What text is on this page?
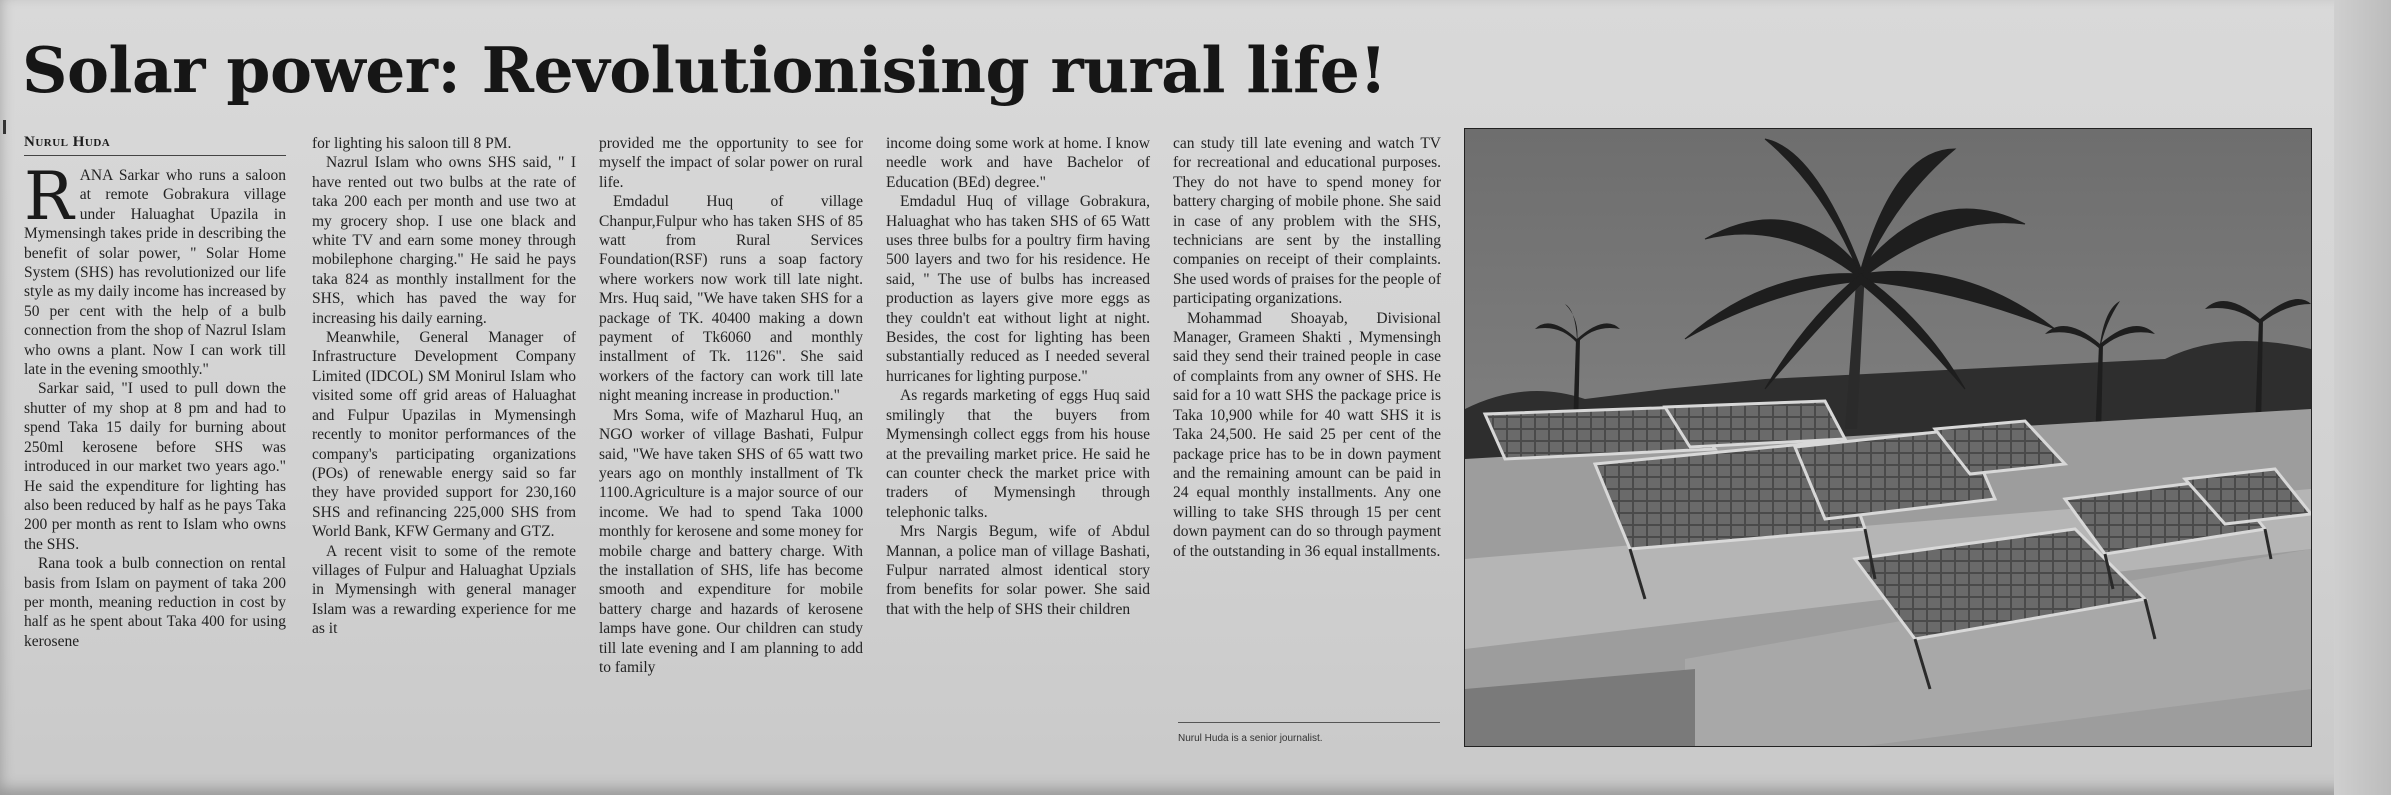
Solar power: Revolutionising rural life!
Nurul Huda

RANA Sarkar who runs a saloon at remote Gobrakura village under Haluaghat Upazila in Mymensingh takes pride in describing the benefit of solar power, " Solar Home System (SHS) has revolutionized our life style as my daily income has increased by 50 per cent with the help of a bulb connection from the shop of Nazrul Islam who owns a plant. Now I can work till late in the evening smoothly."

Sarkar said, "I used to pull down the shutter of my shop at 8 pm and had to spend Taka 15 daily for burning about 250ml kerosene before SHS was introduced in our market two years ago." He said the expenditure for lighting has also been reduced by half as he pays Taka 200 per month as rent to Islam who owns the SHS.

Rana took a bulb connection on rental basis from Islam on payment of taka 200 per month, meaning reduction in cost by half as he spent about Taka 400 for using kerosene

for lighting his saloon till 8 PM.

Nazrul Islam who owns SHS said, " I have rented out two bulbs at the rate of taka 200 each per month and use two at my grocery shop. I use one black and white TV and earn some money through mobilephone charging." He said he pays taka 824 as monthly installment for the SHS, which has paved the way for increasing his daily earning.

Meanwhile, General Manager of Infrastructure Development Company Limited (IDCOL) SM Monirul Islam who visited some off grid areas of Haluaghat and Fulpur Upazilas in Mymensingh recently to monitor performances of the company's participating organizations (POs) of renewable energy said so far they have provided support for 230,160 SHS and refinancing 225,000 SHS from World Bank, KFW Germany and GTZ.

A recent visit to some of the remote villages of Fulpur and Haluaghat Upzials in Mymensingh with general manager Islam was a rewarding experience for me as it

provided me the opportunity to see for myself the impact of solar power on rural life.

Emdadul Huq of village Chanpur,Fulpur who has taken SHS of 85 watt from Rural Services Foundation(RSF) runs a soap factory where workers now work till late night. Mrs. Huq said, "We have taken SHS for a package of TK. 40400 making a down payment of Tk6060 and monthly installment of Tk. 1126". She said workers of the factory can work till late night meaning increase in production."

Mrs Soma, wife of Mazharul Huq, an NGO worker of village Bashati, Fulpur said, "We have taken SHS of 65 watt two years ago on monthly installment of Tk 1100.Agriculture is a major source of our income. We had to spend Taka 1000 monthly for kerosene and some money for mobile charge and battery charge. With the installation of SHS, life has become smooth and expenditure for mobile battery charge and hazards of kerosene lamps have gone. Our children can study till late evening and I am planning to add to family

income doing some work at home. I know needle work and have Bachelor of Education (BEd) degree."

Emdadul Huq of village Gobrakura, Haluaghat who has taken SHS of 65 Watt uses three bulbs for a poultry firm having 500 layers and two for his residence. He said, " The use of bulbs has increased production as layers give more eggs as they couldn't eat without light at night. Besides, the cost for lighting has been substantially reduced as I needed several hurricanes for lighting purpose."

As regards marketing of eggs Huq said smilingly that the buyers from Mymensingh collect eggs from his house at the prevailing market price. He said he can counter check the market price with traders of Mymensingh through telephonic talks.

Mrs Nargis Begum, wife of Abdul Mannan, a police man of village Bashati, Fulpur narrated almost identical story from benefits for solar power. She said that with the help of SHS their children

can study till late evening and watch TV for recreational and educational purposes. They do not have to spend money for battery charging of mobile phone. She said in case of any problem with the SHS, technicians are sent by the installing companies on receipt of their complaints. She used words of praises for the people of participating organizations.

Mohammad Shoayab, Divisional Manager, Grameen Shakti , Mymensingh said they send their trained people in case of complaints from any owner of SHS. He said for a 10 watt SHS the package price is Taka 10,900 while for 40 watt SHS it is Taka 24,500. He said 25 per cent of the package price has to be in down payment and the remaining amount can be paid in 24 equal monthly installments. Any one willing to take SHS through 15 per cent down payment can do so through payment of the outstanding in 36 equal installments.

Nurul Huda is a senior journalist.
